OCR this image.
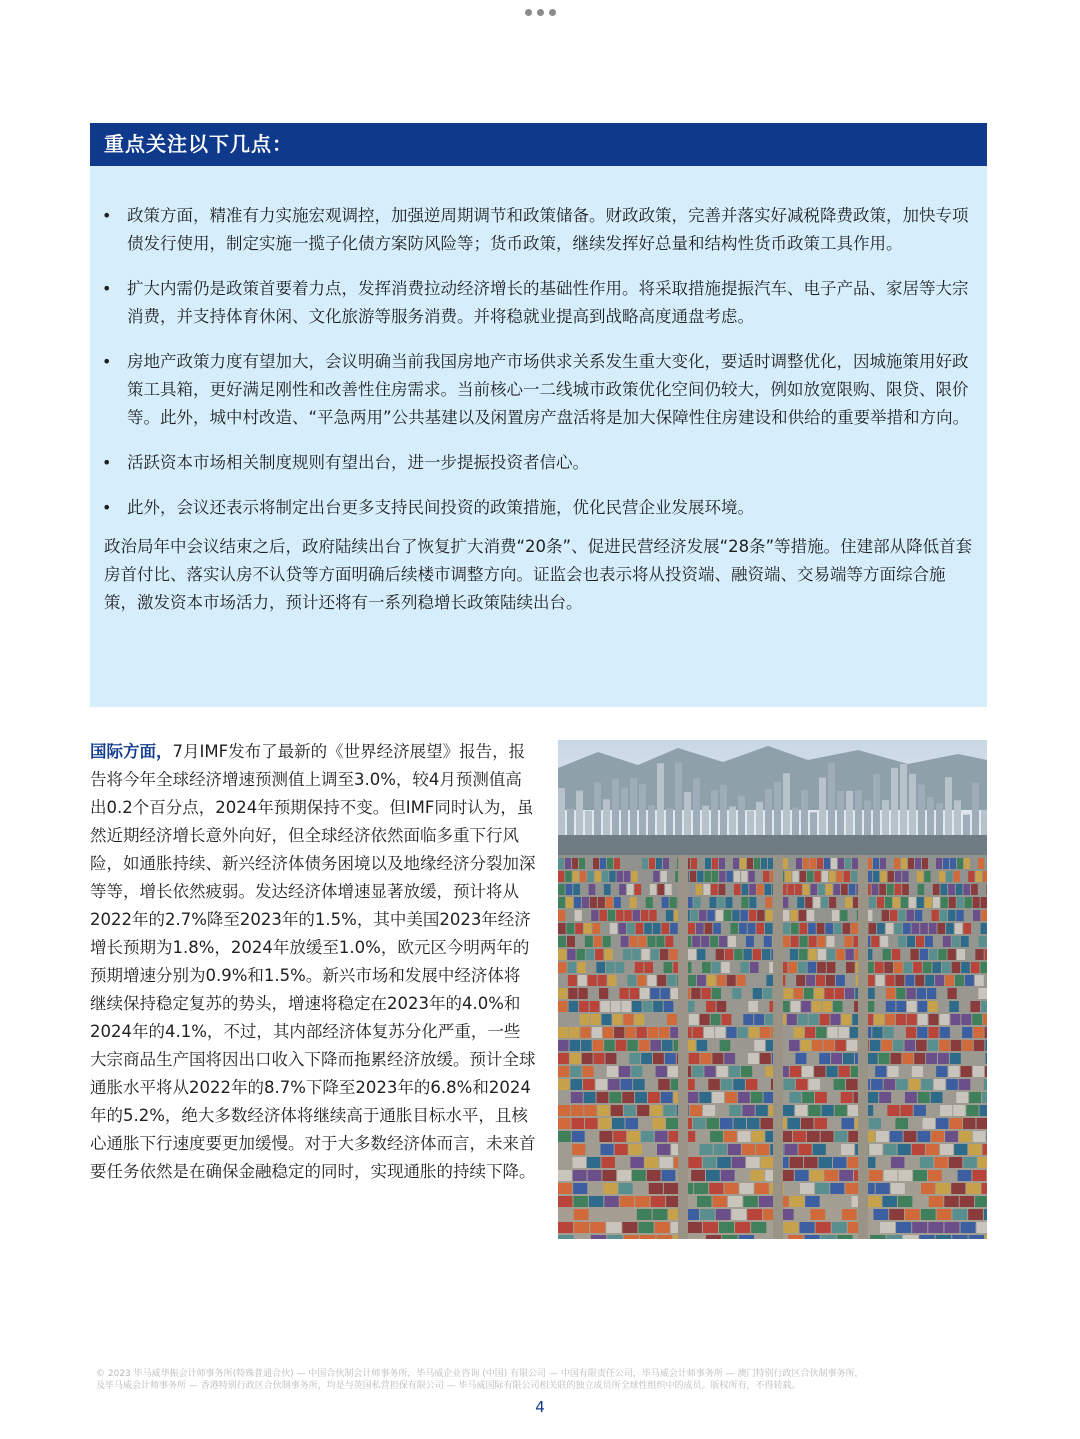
重点关注以下几点：
• 政策方面，精准有力实施宏观调控，加强逆周期调节和政策储备。财政政策，完善并落实好减税降费政策，加快专项债发行使用，制定实施一揽子化债方案防风险等；货币政策，继续发挥好总量和结构性货币政策工具作用。
• 扩大内需仍是政策首要着力点，发挥消费拉动经济增长的基础性作用。将采取措施提振汽车、电子产品、家居等大宗消费，并支持体育休闲、文化旅游等服务消费。并将稳就业提高到战略高度通盘考虑。
• 房地产政策力度有望加大，会议明确当前我国房地产市场供求关系发生重大变化，要适时调整优化，因城施策用好政策工具箱，更好满足刚性和改善性住房需求。当前核心一二线城市政策优化空间仍较大，例如放宽限购、限贷、限价等。此外，城中村改造、“平急两用”公共基建以及闲置房产盘活将是加大保障性住房建设和供给的重要举措和方向。
• 活跃资本市场相关制度规则有望出台，进一步提振投资者信心。
• 此外，会议还表示将制定出台更多支持民间投资的政策措施，优化民营企业发展环境。
政治局年中会议结束之后，政府陆续出台了恢复扩大消费“20条”、促进民营经济发展“28条”等措施。住建部从降低首套房首付比、落实认房不认贷等方面明确后续楼市调整方向。证监会也表示将从投资端、融资端、交易端等方面综合施策，激发资本市场活力，预计还将有一系列稳增长政策陆续出台。
国际方面，7月IMF发布了最新的《世界经济展望》报告，报告将今年全球经济增速预测值上调至3.0%，较4月预测值高出0.2个百分点，2024年预期保持不变。但IMF同时认为，虽然近期经济增长意外向好，但全球经济依然面临多重下行风险，如通胀持续、新兴经济体债务困境以及地缘经济分裂加深等等，增长依然疲弱。发达经济体增速显著放缓，预计将从2022年的2.7%降至2023年的1.5%，其中美国2023年经济增长预期为1.8%，2024年放缓至1.0%，欧元区今明两年的预期增速分别为0.9%和1.5%。新兴市场和发展中经济体将继续保持稳定复苏的势头，增速将稳定在2023年的4.0%和2024年的4.1%，不过，其内部经济体复苏分化严重，一些大宗商品生产国将因出口收入下降而拖累经济放缓。预计全球通胀水平将从2022年的8.7%下降至2023年的6.8%和2024年的5.2%，绝大多数经济体将继续高于通胀目标水平，且核心通胀下行速度要更加缓慢。对于大多数经济体而言，未来首要任务依然是在确保金融稳定的同时，实现通胀的持续下降。
© 2023 毕马威华振会计师事务所(特殊普通合伙) — 中国合伙制会计师事务所，毕马威企业咨询 (中国) 有限公司 — 中国有限责任公司，毕马威会计师事务所 — 澳门特别行政区合伙制事务所，
及毕马威会计师事务所 — 香港特别行政区合伙制事务所，均是与英国私营担保有限公司 — 毕马威国际有限公司相关联的独立成员所全球性组织中的成员。版权所有，不得转载。
4
